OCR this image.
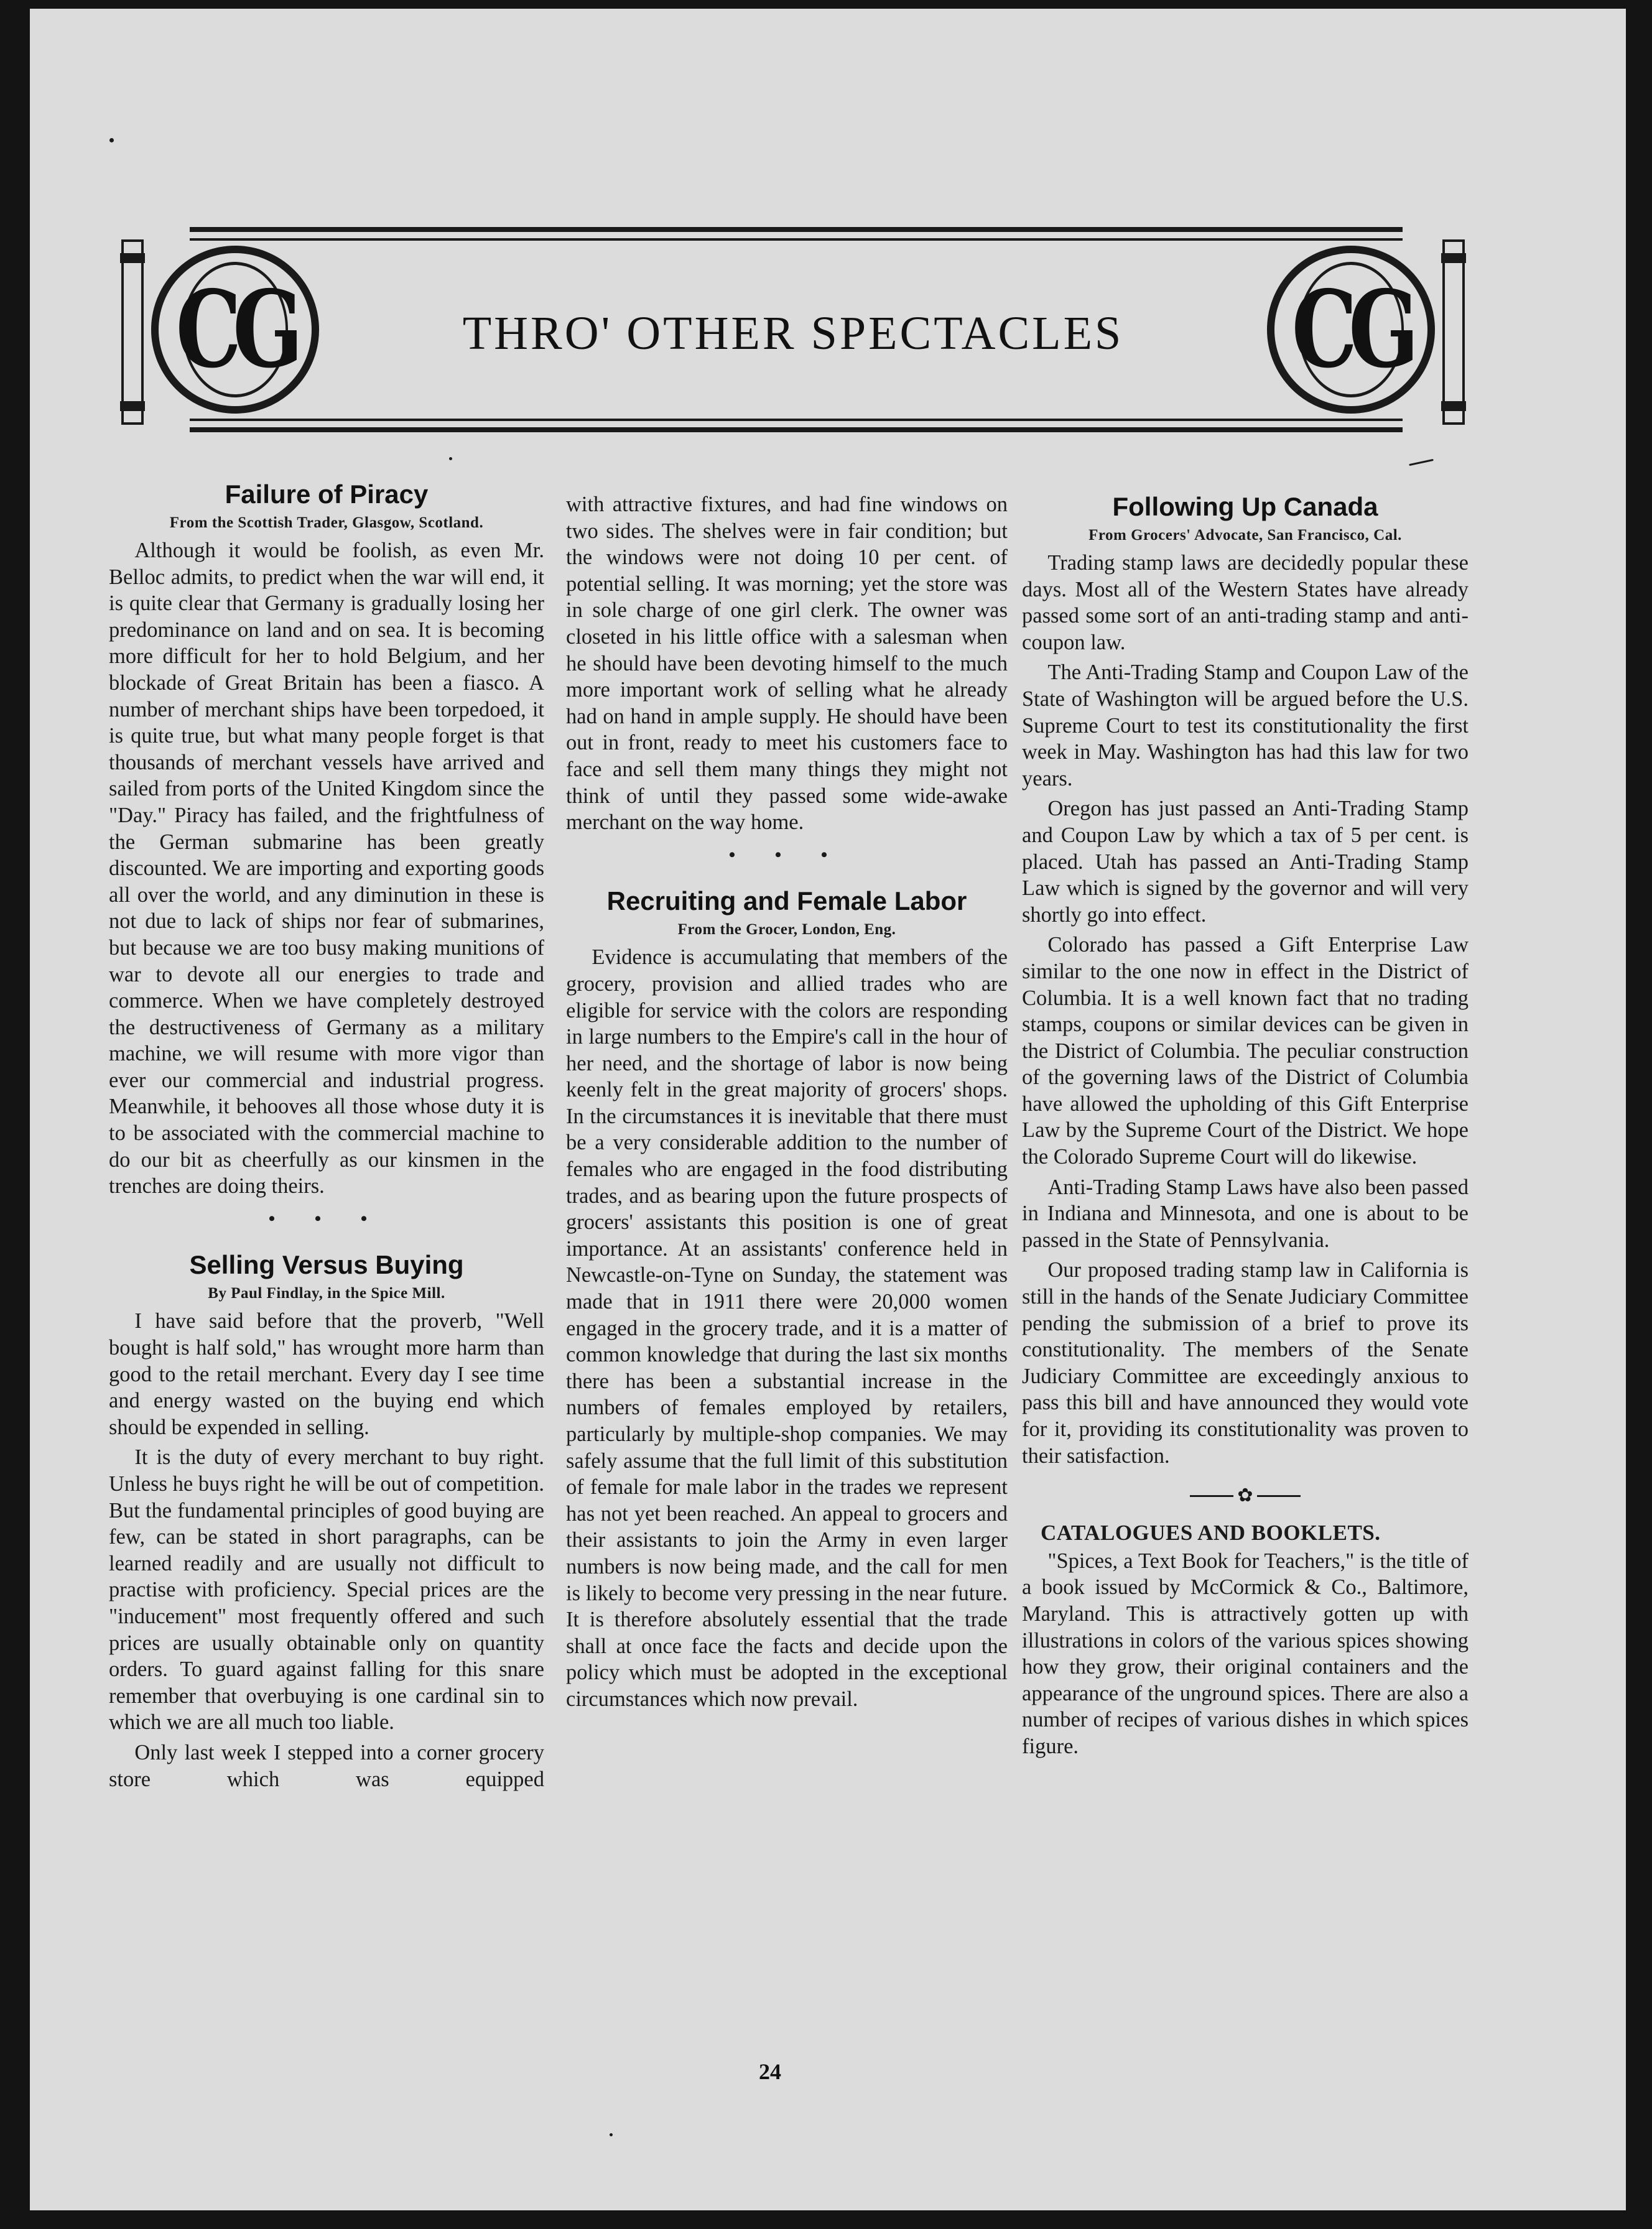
CG	THRO' OTHER SPECTACLES	CG
Failure of Piracy
From the Scottish Trader, Glasgow, Scotland.

Although it would be foolish, as even Mr. Belloc admits, to predict when the war will end, it is quite clear that Germany is gradually losing her predominance on land and on sea. It is becoming more difficult for her to hold Belgium, and her blockade of Great Britain has been a fiasco. A number of merchant ships have been torpedoed, it is quite true, but what many people forget is that thousands of merchant vessels have arrived and sailed from ports of the United Kingdom since the "Day." Piracy has failed, and the frightfulness of the German submarine has been greatly discounted. We are importing and exporting goods all over the world, and any diminution in these is not due to lack of ships nor fear of submarines, but because we are too busy making munitions of war to devote all our energies to trade and commerce. When we have completely destroyed the destructiveness of Germany as a military machine, we will resume with more vigor than ever our commercial and industrial progress. Meanwhile, it behooves all those whose duty it is to be associated with the commercial machine to do our bit as cheerfully as our kinsmen in the trenches are doing theirs.

• • •
Selling Versus Buying
By Paul Findlay, in the Spice Mill.

I have said before that the proverb, "Well bought is half sold," has wrought more harm than good to the retail merchant. Every day I see time and energy wasted on the buying end which should be expended in selling.

It is the duty of every merchant to buy right. Unless he buys right he will be out of competition. But the fundamental principles of good buying are few, can be stated in short paragraphs, can be learned readily and are usually not difficult to practise with proficiency. Special prices are the "inducement" most frequently offered and such prices are usually obtainable only on quantity orders. To guard against falling for this snare remember that overbuying is one cardinal sin to which we are all much too liable.

Only last week I stepped into a corner grocery store which was equipped

with attractive fixtures, and had fine windows on two sides. The shelves were in fair condition; but the windows were not doing 10 per cent. of potential selling. It was morning; yet the store was in sole charge of one girl clerk. The owner was closeted in his little office with a salesman when he should have been devoting himself to the much more important work of selling what he already had on hand in ample supply. He should have been out in front, ready to meet his customers face to face and sell them many things they might not think of until they passed some wide-awake merchant on the way home.

• • •
Recruiting and Female Labor
From the Grocer, London, Eng.

Evidence is accumulating that members of the grocery, provision and allied trades who are eligible for service with the colors are responding in large numbers to the Empire's call in the hour of her need, and the shortage of labor is now being keenly felt in the great majority of grocers' shops. In the circumstances it is inevitable that there must be a very considerable addition to the number of females who are engaged in the food distributing trades, and as bearing upon the future prospects of grocers' assistants this position is one of great importance. At an assistants' conference held in Newcastle-on-Tyne on Sunday, the statement was made that in 1911 there were 20,000 women engaged in the grocery trade, and it is a matter of common knowledge that during the last six months there has been a substantial increase in the numbers of females employed by retailers, particularly by multiple-shop companies. We may safely assume that the full limit of this substitution of female for male labor in the trades we represent has not yet been reached. An appeal to grocers and their assistants to join the Army in even larger numbers is now being made, and the call for men is likely to become very pressing in the near future. It is therefore absolutely essential that the trade shall at once face the facts and decide upon the policy which must be adopted in the exceptional circumstances which now prevail.

Following Up Canada
From Grocers' Advocate, San Francisco, Cal.

Trading stamp laws are decidedly popular these days. Most all of the Western States have already passed some sort of an anti-trading stamp and anti-coupon law.

The Anti-Trading Stamp and Coupon Law of the State of Washington will be argued before the U.S. Supreme Court to test its constitutionality the first week in May. Washington has had this law for two years.

Oregon has just passed an Anti-Trading Stamp and Coupon Law by which a tax of 5 per cent. is placed. Utah has passed an Anti-Trading Stamp Law which is signed by the governor and will very shortly go into effect.

Colorado has passed a Gift Enterprise Law similar to the one now in effect in the District of Columbia. It is a well known fact that no trading stamps, coupons or similar devices can be given in the District of Columbia. The peculiar construction of the governing laws of the District of Columbia have allowed the upholding of this Gift Enterprise Law by the Supreme Court of the District. We hope the Colorado Supreme Court will do likewise.

Anti-Trading Stamp Laws have also been passed in Indiana and Minnesota, and one is about to be passed in the State of Pennsylvania.

Our proposed trading stamp law in California is still in the hands of the Senate Judiciary Committee pending the submission of a brief to prove its constitutionality. The members of the Senate Judiciary Committee are exceedingly anxious to pass this bill and have announced they would vote for it, providing its constitutionality was proven to their satisfaction.

✿
CATALOGUES AND BOOKLETS.

"Spices, a Text Book for Teachers," is the title of a book issued by McCormick & Co., Baltimore, Maryland. This is attractively gotten up with illustrations in colors of the various spices showing how they grow, their original containers and the appearance of the unground spices. There are also a number of recipes of various dishes in which spices figure.

24
